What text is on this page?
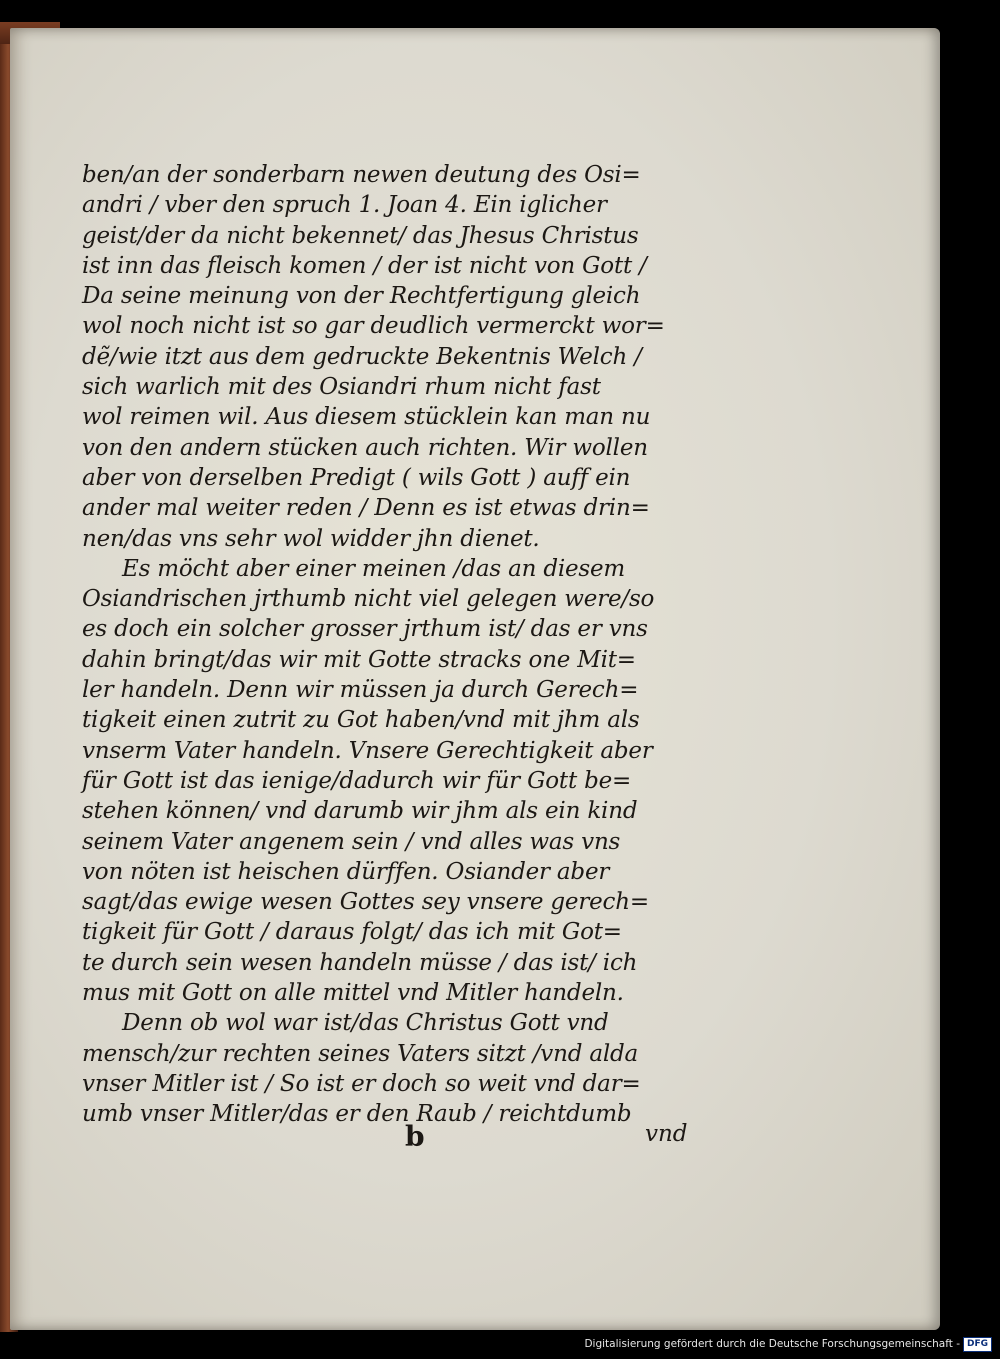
ben/an der sonderbarn newen deutung des Osi=
andri / vber den spruch 1. Joan 4. Ein iglicher
geist/der da nicht bekennet/ das Jhesus Christus
ist inn das fleisch komen / der ist nicht von Gott /
Da seine meinung von der Rechtfertigung gleich
wol noch nicht ist so gar deudlich vermerckt wor=
dẽ/wie itzt aus dem gedruckte Bekentnis Welch /
sich warlich mit des Osiandri rhum nicht fast
wol reimen wil. Aus diesem stücklein kan man nu
von den andern stücken auch richten. Wir wollen
aber von derselben Predigt ( wils Gott ) auff ein
ander mal weiter reden / Denn es ist etwas drin=
nen/das vns sehr wol widder jhn dienet.
Es möcht aber einer meinen /das an diesem
Osiandrischen jrthumb nicht viel gelegen were/so
es doch ein solcher grosser jrthum ist/ das er vns
dahin bringt/das wir mit Gotte stracks one Mit=
ler handeln. Denn wir müssen ja durch Gerech=
tigkeit einen zutrit zu Got haben/vnd mit jhm als
vnserm Vater handeln. Vnsere Gerechtigkeit aber
für Gott ist das ienige/dadurch wir für Gott be=
stehen können/ vnd darumb wir jhm als ein kind
seinem Vater angenem sein / vnd alles was vns
von nöten ist heischen dürffen. Osiander aber
sagt/das ewige wesen Gottes sey vnsere gerech=
tigkeit für Gott / daraus folgt/ das ich mit Got=
te durch sein wesen handeln müsse / das ist/ ich
mus mit Gott on alle mittel vnd Mitler handeln.
Denn ob wol war ist/das Christus Gott vnd
mensch/zur rechten seines Vaters sitzt /vnd alda
vnser Mitler ist / So ist er doch so weit vnd dar=
umb vnser Mitler/das er den Raub / reichtdumb
b	vnd
Digitalisierung gefördert durch die Deutsche Forschungsgemeinschaft - DFG
